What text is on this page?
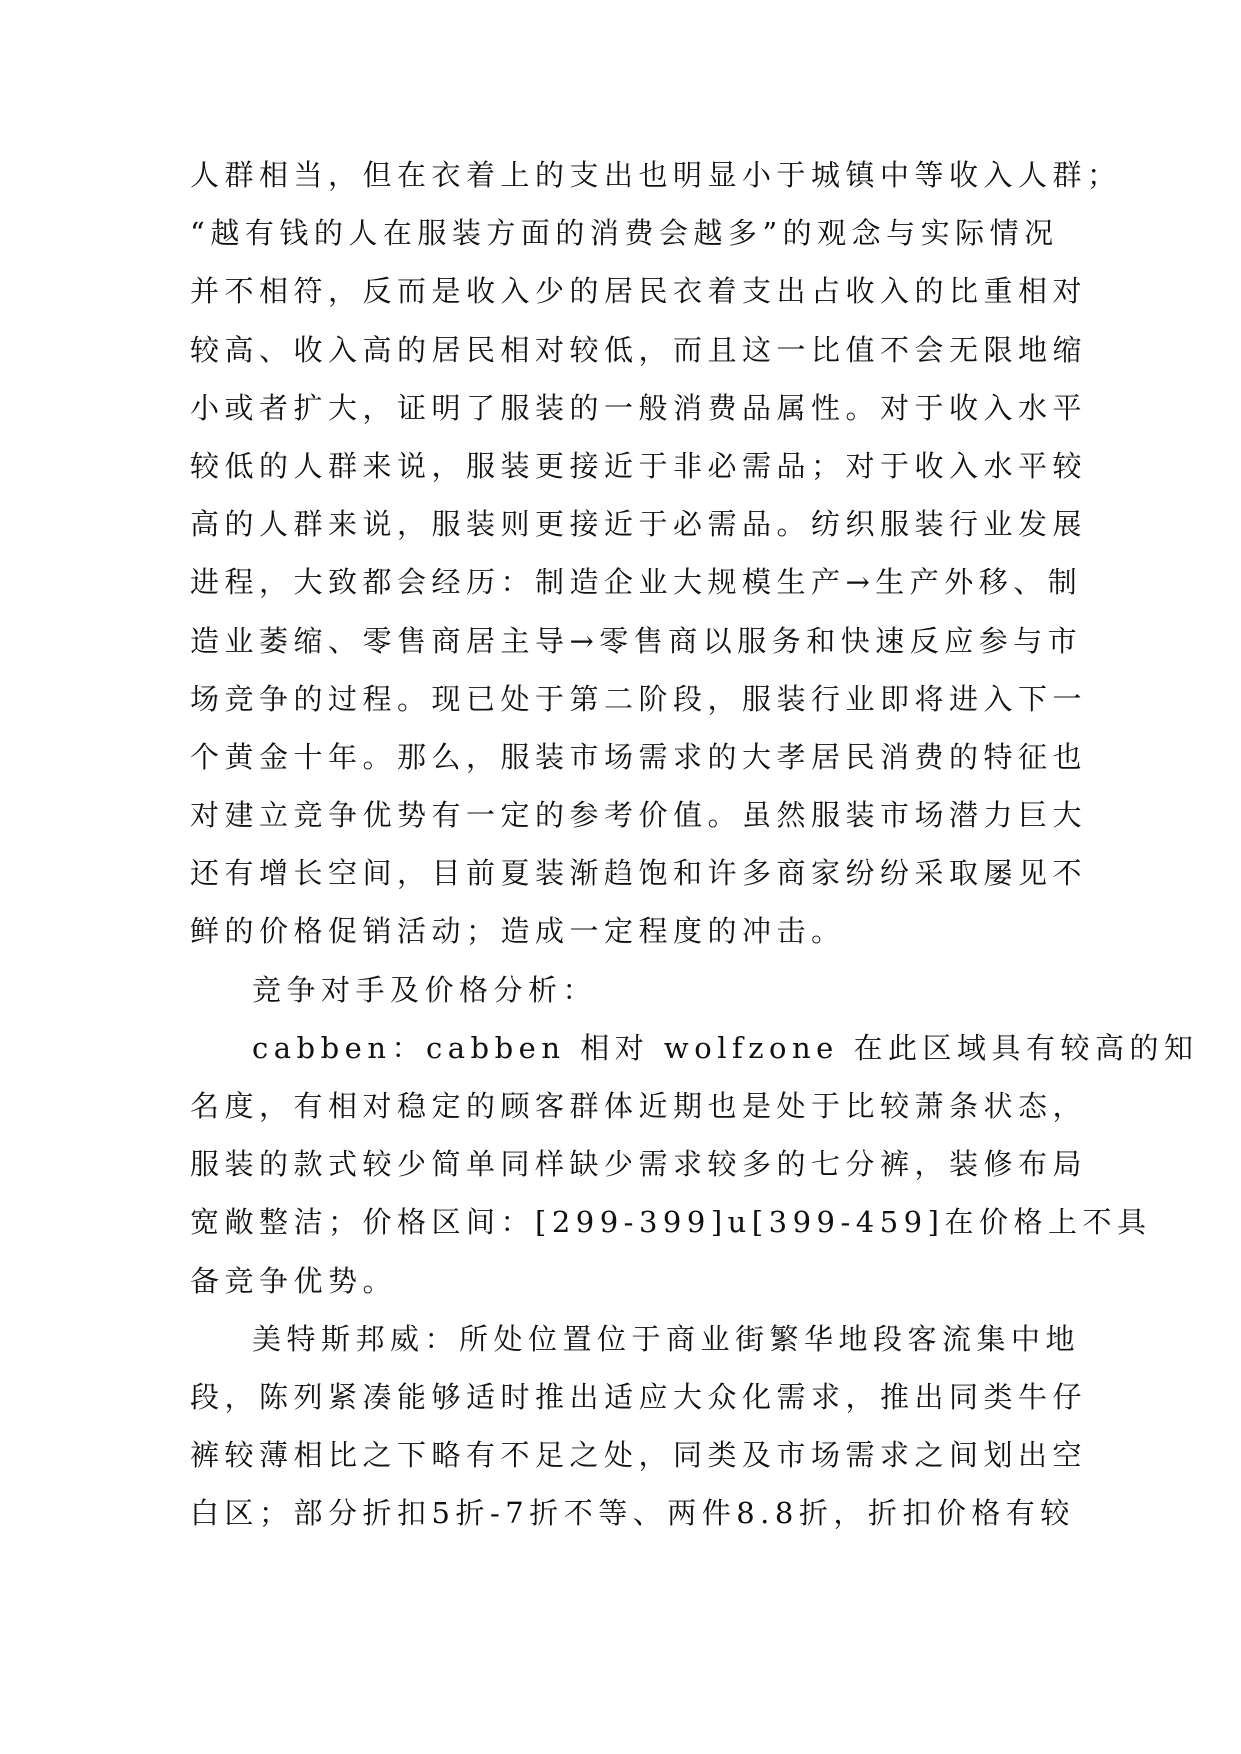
人群相当，但在衣着上的支出也明显小于城镇中等收入人群；
“越有钱的人在服装方面的消费会越多”的观念与实际情况
并不相符，反而是收入少的居民衣着支出占收入的比重相对
较高、收入高的居民相对较低，而且这一比值不会无限地缩
小或者扩大，证明了服装的一般消费品属性。对于收入水平
较低的人群来说，服装更接近于非必需品；对于收入水平较
高的人群来说，服装则更接近于必需品。纺织服装行业发展
进程，大致都会经历：制造企业大规模生产→生产外移、制
造业萎缩、零售商居主导→零售商以服务和快速反应参与市
场竞争的过程。现已处于第二阶段，服装行业即将进入下一
个黄金十年。那么，服装市场需求的大孝居民消费的特征也
对建立竞争优势有一定的参考价值。虽然服装市场潜力巨大
还有增长空间，目前夏装渐趋饱和许多商家纷纷采取屡见不
鲜的价格促销活动；造成一定程度的冲击。
竞争对手及价格分析：
cabben：cabben 相对 wolfzone 在此区域具有较高的知
名度，有相对稳定的顾客群体近期也是处于比较萧条状态，
服装的款式较少简单同样缺少需求较多的七分裤，装修布局
宽敞整洁；价格区间：[299-399]u[399-459]在价格上不具
备竞争优势。
美特斯邦威：所处位置位于商业街繁华地段客流集中地
段，陈列紧凑能够适时推出适应大众化需求，推出同类牛仔
裤较薄相比之下略有不足之处，同类及市场需求之间划出空
白区；部分折扣5折-7折不等、两件8.8折，折扣价格有较
